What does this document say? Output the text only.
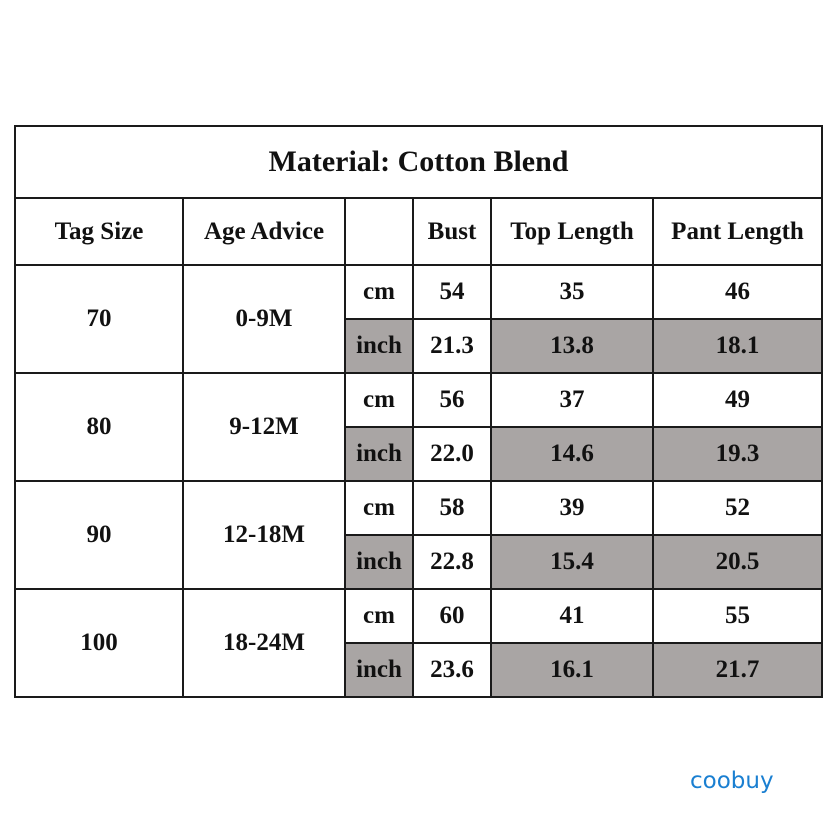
Material: Cotton Blend					
Tag Size	Age Advice		Bust	Top Length	Pant Length
70	0-9M	cm	54	35	46
		inch	21.3	13.8	18.1
80	9-12M	cm	56	37	49
		inch	22.0	14.6	19.3
90	12-18M	cm	58	39	52
		inch	22.8	15.4	20.5
100	18-24M	cm	60	41	55
		inch	23.6	16.1	21.7
coobuy
